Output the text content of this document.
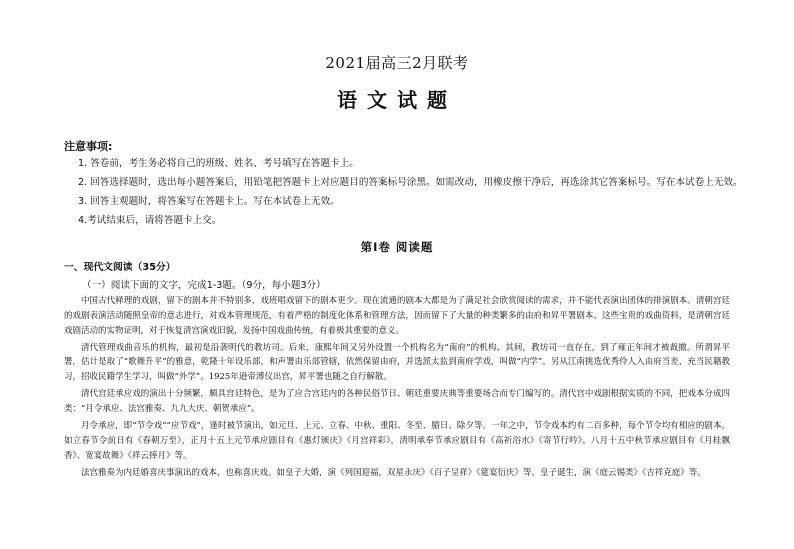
2021届高三2月联考
语文试题
注意事项:
1. 答卷前，考生务必将自己的班级、姓名、考号填写在答题卡上。
2. 回答选择题时，选出每小题答案后，用铅笔把答题卡上对应题目的答案标号涂黑。如需改动，用橡皮擦干净后，再选涂其它答案标号。写在本试卷上无效。
3. 回答主观题时，将答案写在答题卡上。写在本试卷上无效。
4.考试结束后，请将答题卡上交。
第Ⅰ卷 阅读题
一、现代文阅读（35分）
（一）阅读下面的文字，完成1-3题。（9分，每小题3分）

中国古代释理的戏剧，留下的剧本并不特别多，戏班唱戏留下的剧本更少。现在流通的剧本大都是为了满足社会欣赏阅读的需求，并不能代表演出团体的排演剧本。清朝宫廷的戏剧表演活动随照皇帝的意志进行，对戏本管理规范，有着严格的制度化体系和管理方法，因而留下了大量的种类繁多的由府和昇平署剧本。这些宝贵的戏曲资料，是清朝宫廷戏剧活动的实物证明，对于恢复清宫演戏旧貌，发扬中国戏曲传统，有着极其重要的意义。

清代管理戏曲音乐的机构，最初是沿袭明代的教坊司。后来，康熙年间又另外设置一个机构名为“南府”的机构。其间，教坊司一直存在，到了雍正年间才被裁撤。所谓昇平署，估计是取了“歌舞升平”的雅意，乾隆十年设乐部，和声署由乐部管辖，依然保留由府，并选派太监到南府学戏，叫做“内学”。另从江南挑选优秀伶人入由府当差，充当民籍教习，招收民籍学生学习，叫做“外学”。1925年逊帝溥仪出宫，昇平署也随之自行解散。

清代宫廷承应戏的演出十分频繁，颇具宫廷特色，是为了应合宫廷内的各种民俗节日、朝廷重要庆典等重要场合而专门编写的。清代宫中戏剧根据实质的不同，把戏本分成四类：“月令承应、法宫雅奏、九九大庆、朝贺承应”。

月令承应，即“节令戏”“应节戏”，逢时被节演出，如元旦、上元、立春、中秋、重阳、冬至、腊日、除夕等。一年之中，节令戏本约有二百多种，每个节令均有相应的剧本。如立春节令前日有《春朝万至》，正月十五上元节承应剧目有《惠灯颁庆》《月宫祥彩》，清明承奉节承应剧目有《高祈浴水》《寄节行吟》。八月十五中秋节承应剧目有《月桂飘香》、宽宴故舞》《祥云捧月》等。

法宫雅奏为内廷婚喜庆事演出的戏本，也称喜庆戏。如皇子大婚，演《列国迎福，双星永庆》《百子呈祥》《筵宴衍庆》等。皇子诞生，演《庭云锡类》《吉祥克庭》等。
